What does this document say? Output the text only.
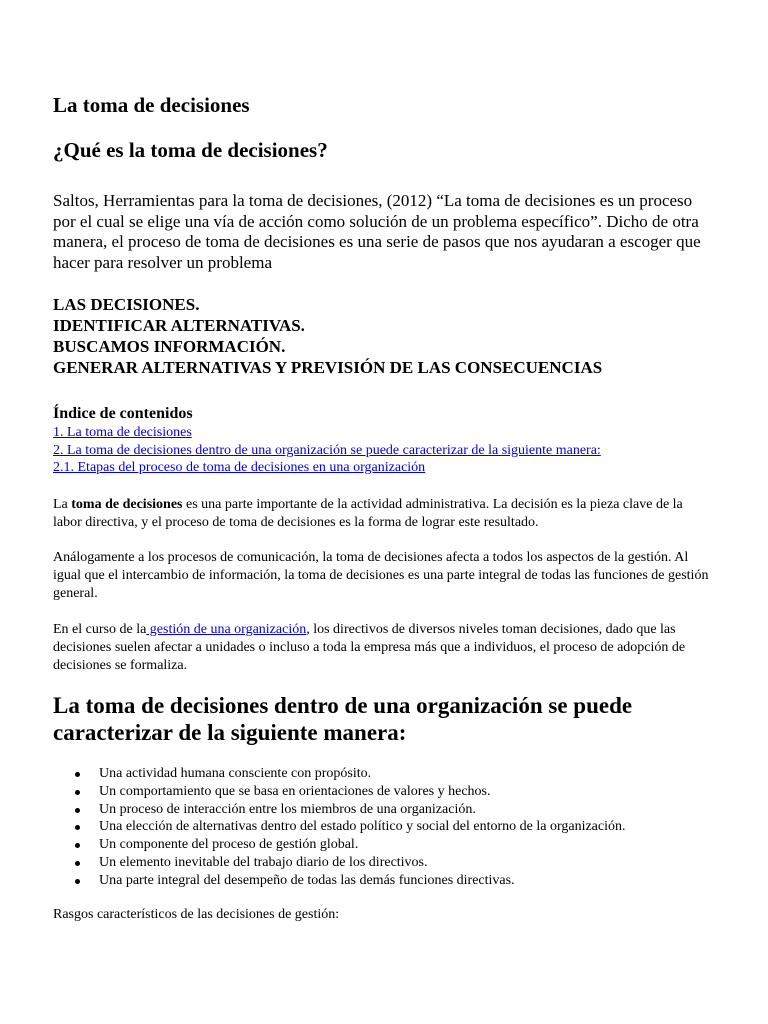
La toma de decisiones
¿Qué es la toma de decisiones?

Saltos, Herramientas para la toma de decisiones, (2012) “La toma de decisiones es un proceso por el cual se elige una vía de acción como solución de un problema específico”. Dicho de otra manera, el proceso de toma de decisiones es una serie de pasos que nos ayudaran a escoger que hacer para resolver un problema

LAS DECISIONES.
IDENTIFICAR ALTERNATIVAS.
BUSCAMOS INFORMACIÓN.
GENERAR ALTERNATIVAS Y PREVISIÓN DE LAS CONSECUENCIAS
Índice de contenidos
1. La toma de decisiones
2. La toma de decisiones dentro de una organización se puede caracterizar de la siguiente manera:
2.1. Etapas del proceso de toma de decisiones en una organización

La toma de decisiones es una parte importante de la actividad administrativa. La decisión es la pieza clave de la labor directiva, y el proceso de toma de decisiones es la forma de lograr este resultado.

Análogamente a los procesos de comunicación, la toma de decisiones afecta a todos los aspectos de la gestión. Al igual que el intercambio de información, la toma de decisiones es una parte integral de todas las funciones de gestión general.

En el curso de la gestión de una organización, los directivos de diversos niveles toman decisiones, dado que las decisiones suelen afectar a unidades o incluso a toda la empresa más que a individuos, el proceso de adopción de decisiones se formaliza.

La toma de decisiones dentro de una organización se puede caracterizar de la siguiente manera:
Una actividad humana consciente con propósito.
Un comportamiento que se basa en orientaciones de valores y hechos.
Un proceso de interacción entre los miembros de una organización.
Una elección de alternativas dentro del estado político y social del entorno de la organización.
Un componente del proceso de gestión global.
Un elemento inevitable del trabajo diario de los directivos.
Una parte integral del desempeño de todas las demás funciones directivas.

Rasgos característicos de las decisiones de gestión:
